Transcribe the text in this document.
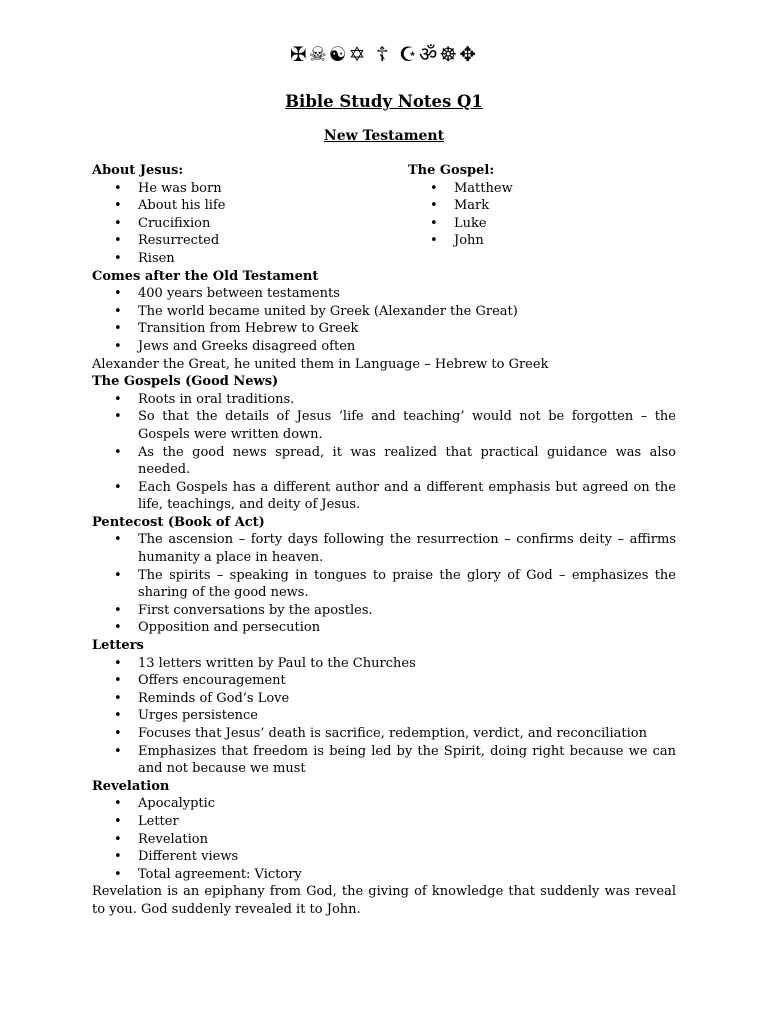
✠☠☯✡ ☦ ☪ॐ☸✥
Bible Study Notes Q1
New Testament
About Jesus:
• He was born
• About his life
• Crucifixion
• Resurrected
• Risen
The Gospel:
• Matthew
• Mark
• Luke
• John
Comes after the Old Testament
• 400 years between testaments
• The world became united by Greek (Alexander the Great)
• Transition from Hebrew to Greek
• Jews and Greeks disagreed often
Alexander the Great, he united them in Language – Hebrew to Greek
The Gospels (Good News)
• Roots in oral traditions.
• So that the details of Jesus ‘life and teaching’ would not be forgotten – the Gospels were written down.
• As the good news spread, it was realized that practical guidance was also needed.
• Each Gospels has a different author and a different emphasis but agreed on the life, teachings, and deity of Jesus.
Pentecost (Book of Act)
• The ascension – forty days following the resurrection – confirms deity – affirms humanity a place in heaven.
• The spirits – speaking in tongues to praise the glory of God – emphasizes the sharing of the good news.
• First conversations by the apostles.
• Opposition and persecution
Letters
• 13 letters written by Paul to the Churches
• Offers encouragement
• Reminds of God’s Love
• Urges persistence
• Focuses that Jesus’ death is sacrifice, redemption, verdict, and reconciliation
• Emphasizes that freedom is being led by the Spirit, doing right because we can and not because we must
Revelation
• Apocalyptic
• Letter
• Revelation
• Different views
• Total agreement: Victory
Revelation is an epiphany from God, the giving of knowledge that suddenly was reveal to you. God suddenly revealed it to John.
